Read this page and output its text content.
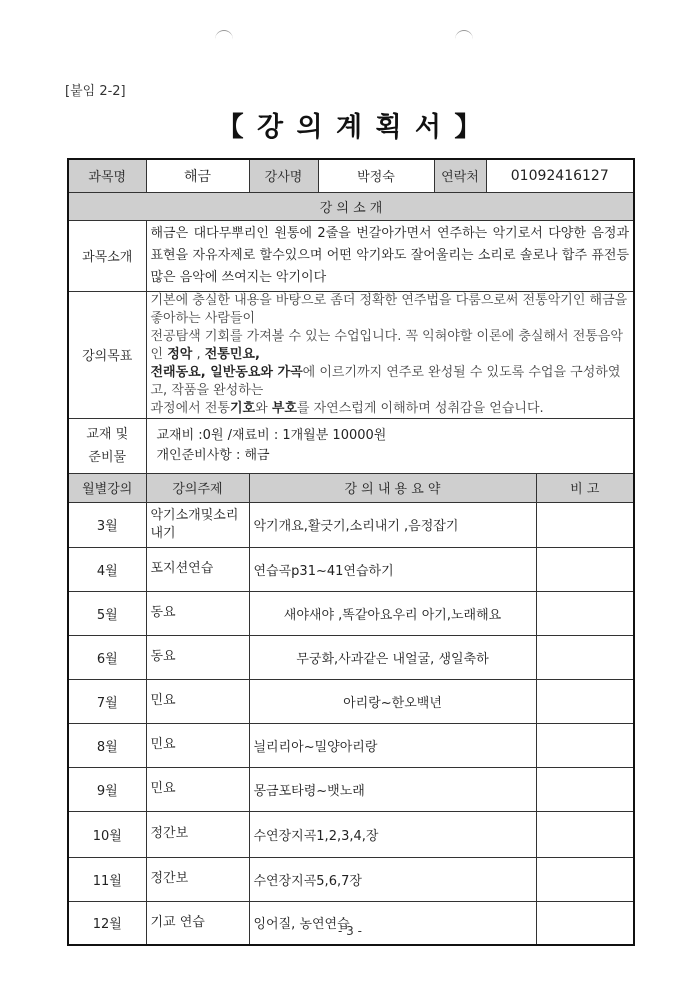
[붙임 2-2]
【 강 의 계 획 서 】
과목명	해금	강사명	박정숙	연락처	01092416127	
강 의 소 개						
과목소개	해금은 대다무뿌리인 원통에 2줄을 번갈아가면서 연주하는 악기로서 다양한 음정과표현을 자유자제로 할수있으며 어떤 악기와도 잘어울리는 소리로 솔로나 합주 퓨전등 많은 음악에 쓰여지는 악기이다					
강의목표	기본에 충실한 내용을 바탕으로 좀더 정확한 연주법을 다룸으로써 전통악기인 해금을 좋아하는 사람들이
전공탐색 기회를 가져볼 수 있는 수업입니다. 꼭 익혀야할 이론에 충실해서 전통음악인 정악 , 전통민요,
전래동요, 일반동요와 가곡에 이르기까지 연주로 완성될 수 있도록 수업을 구성하였고, 작품을 완성하는
과정에서 전통기호와 부호를 자연스럽게 이해하며 성취감을 얻습니다.					
교재 및
준비물	교재비 :0원 /재료비 : 1개월분 10000원
개인준비사항 : 해금					
월별강의	강의주제	강 의 내 용 요 약				비 고
3월	악기소개및소리내기	악기개요,활긋기,소리내기 ,음정잡기				
4월	포지션연습	연습곡p31~41연습하기				
5월	동요	새야새야 ,똑같아요우리 아기,노래해요				
6월	동요	무궁화,사과같은 내얼굴, 생일축하				
7월	민요	아리랑~한오백년				
8월	민요	늴리리아~밀양아리랑				
9월	민요	몽금포타령~뱃노래				
10월	정간보	수연장지곡1,2,3,4,장				
11월	정간보	수연장지곡5,6,7장				
12월	기교 연습	잉어질, 농연연습				
- 3 -
